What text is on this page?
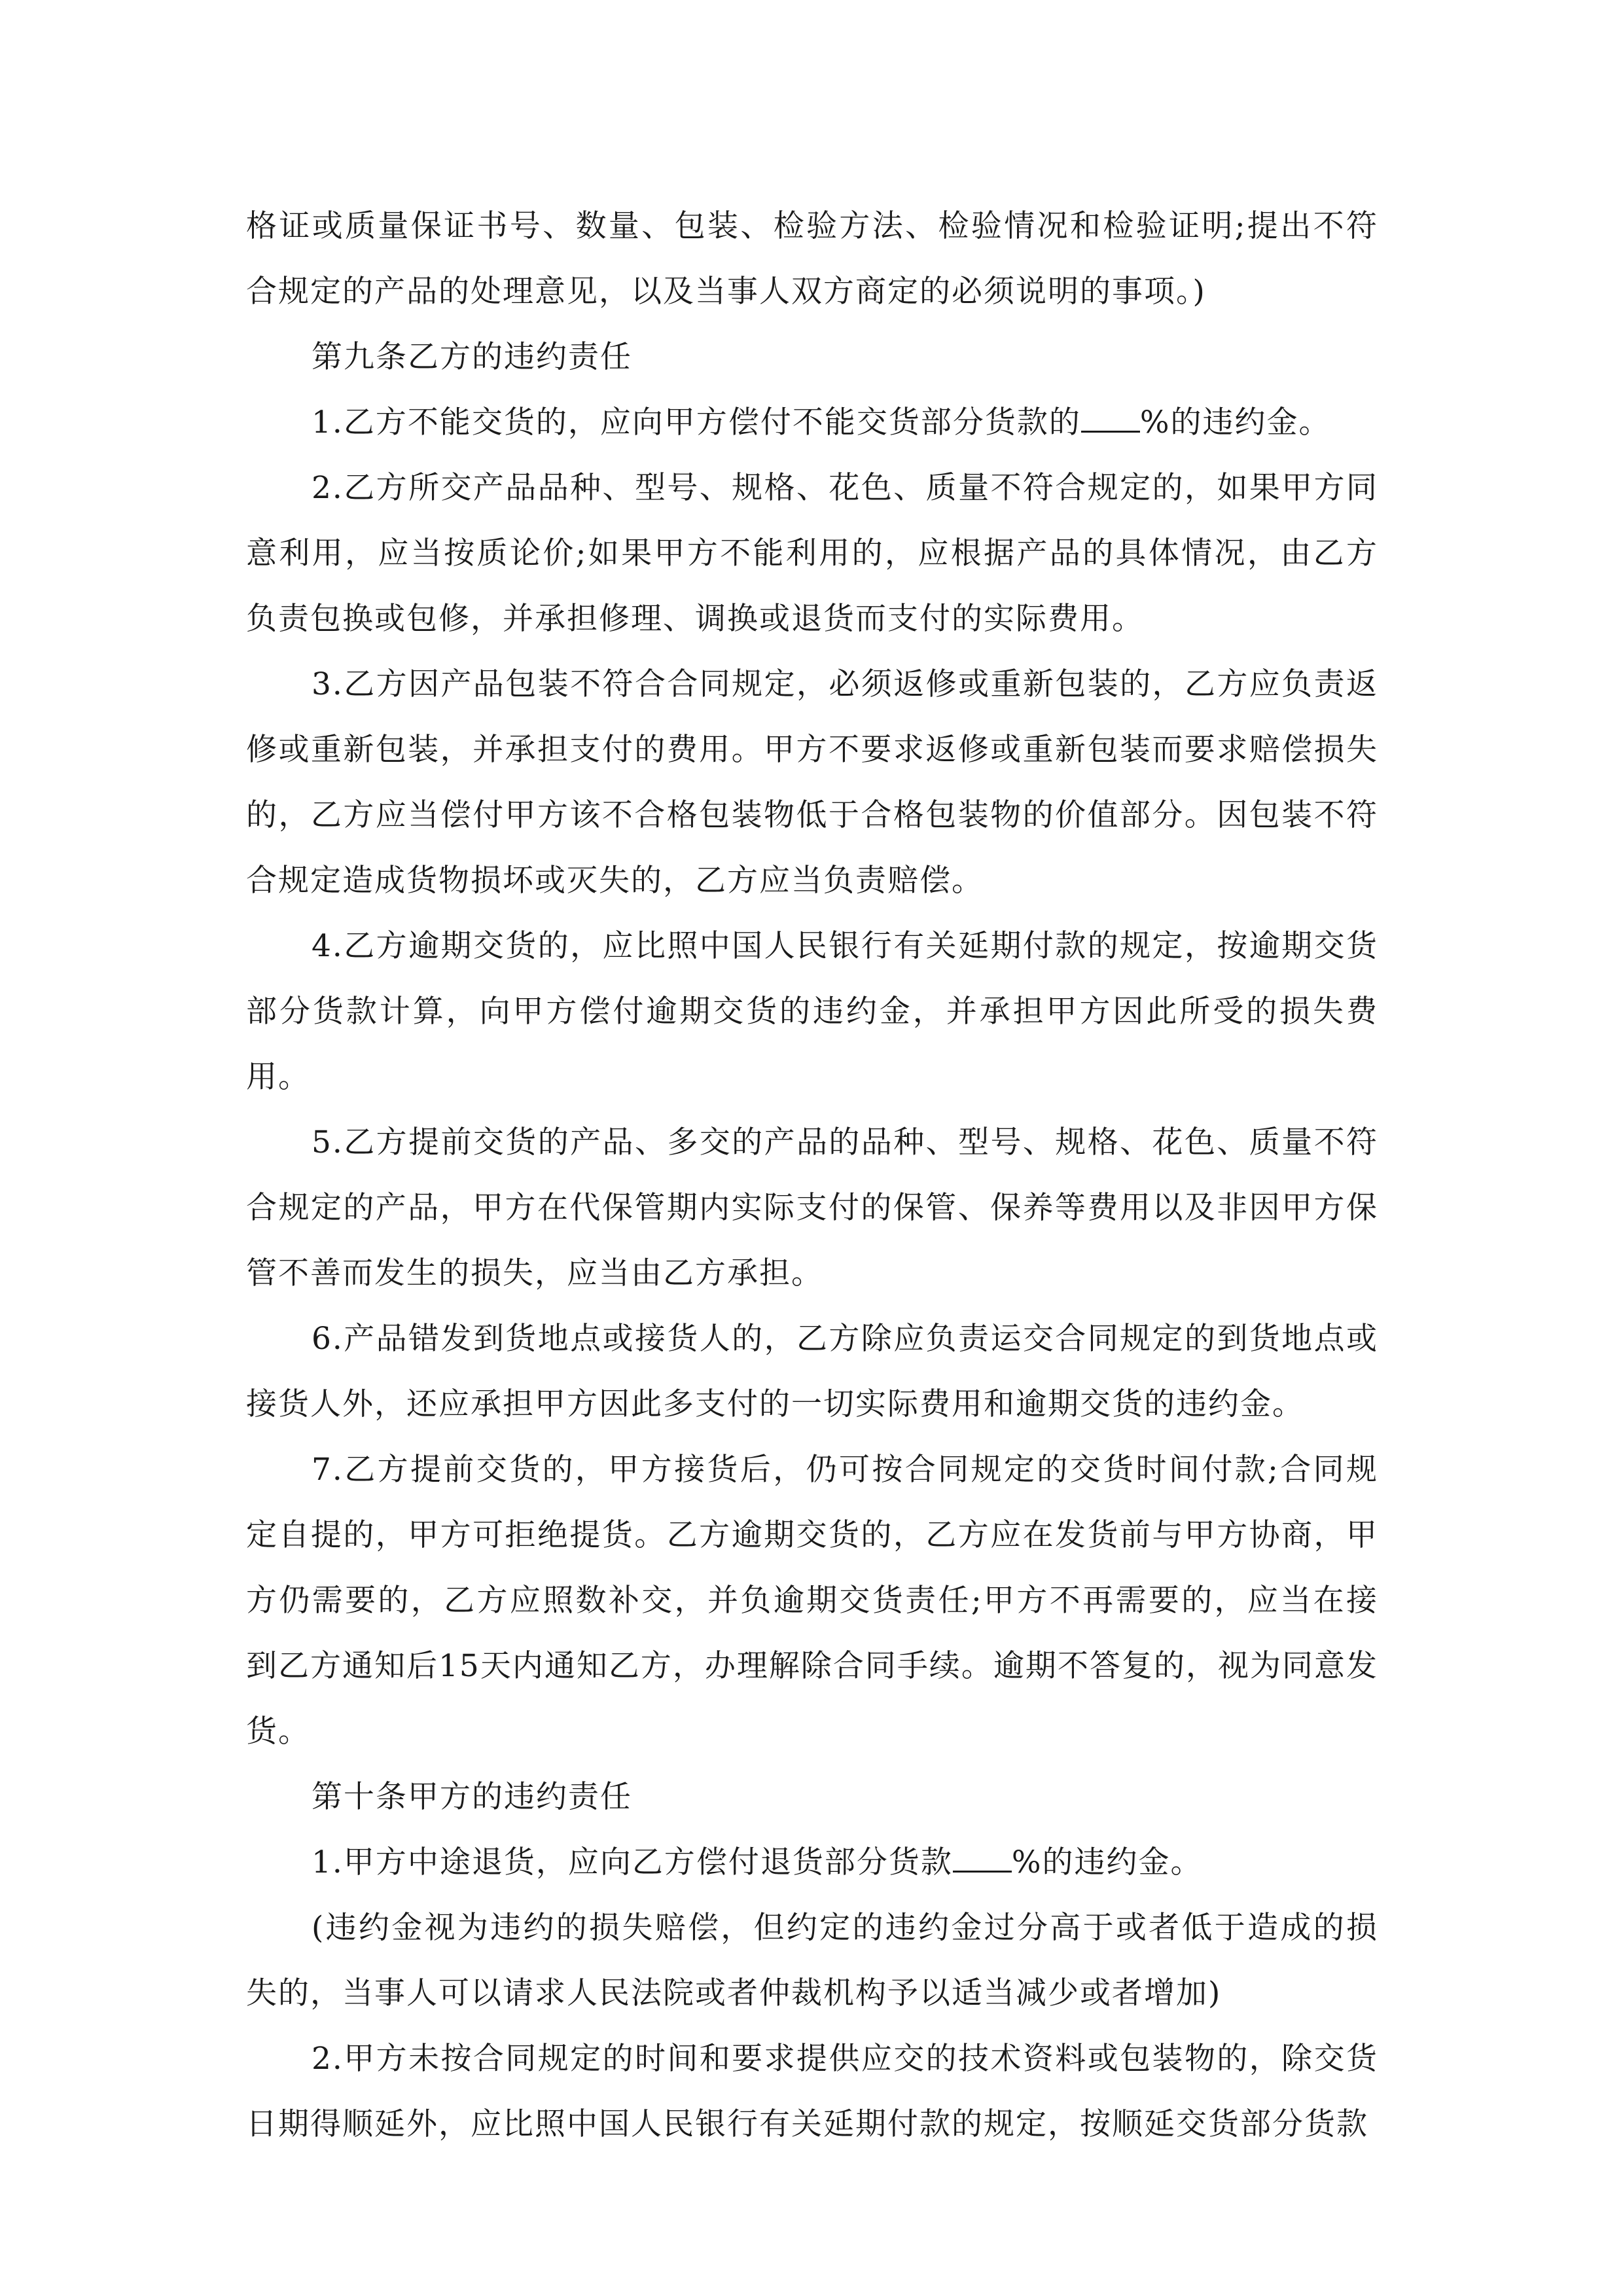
格证或质量保证书号、数量、包装、检验方法、检验情况和检验证明;提出不符合规定的产品的处理意见，以及当事人双方商定的必须说明的事项。)

第九条乙方的违约责任

1.乙方不能交货的，应向甲方偿付不能交货部分货款的 %的违约金。

2.乙方所交产品品种、型号、规格、花色、质量不符合规定的，如果甲方同意利用，应当按质论价;如果甲方不能利用的，应根据产品的具体情况，由乙方负责包换或包修，并承担修理、调换或退货而支付的实际费用。

3.乙方因产品包装不符合合同规定，必须返修或重新包装的，乙方应负责返修或重新包装，并承担支付的费用。甲方不要求返修或重新包装而要求赔偿损失的，乙方应当偿付甲方该不合格包装物低于合格包装物的价值部分。因包装不符合规定造成货物损坏或灭失的，乙方应当负责赔偿。

4.乙方逾期交货的，应比照中国人民银行有关延期付款的规定，按逾期交货部分货款计算，向甲方偿付逾期交货的违约金，并承担甲方因此所受的损失费用。

5.乙方提前交货的产品、多交的产品的品种、型号、规格、花色、质量不符合规定的产品，甲方在代保管期内实际支付的保管、保养等费用以及非因甲方保管不善而发生的损失，应当由乙方承担。

6.产品错发到货地点或接货人的，乙方除应负责运交合同规定的到货地点或接货人外，还应承担甲方因此多支付的一切实际费用和逾期交货的违约金。

7.乙方提前交货的，甲方接货后，仍可按合同规定的交货时间付款;合同规定自提的，甲方可拒绝提货。乙方逾期交货的，乙方应在发货前与甲方协商，甲方仍需要的，乙方应照数补交，并负逾期交货责任;甲方不再需要的，应当在接到乙方通知后15天内通知乙方，办理解除合同手续。逾期不答复的，视为同意发货。

第十条甲方的违约责任

1.甲方中途退货，应向乙方偿付退货部分货款 %的违约金。

(违约金视为违约的损失赔偿，但约定的违约金过分高于或者低于造成的损失的，当事人可以请求人民法院或者仲裁机构予以适当减少或者增加)

2.甲方未按合同规定的时间和要求提供应交的技术资料或包装物的，除交货日期得顺延外，应比照中国人民银行有关延期付款的规定，按顺延交货部分货款
